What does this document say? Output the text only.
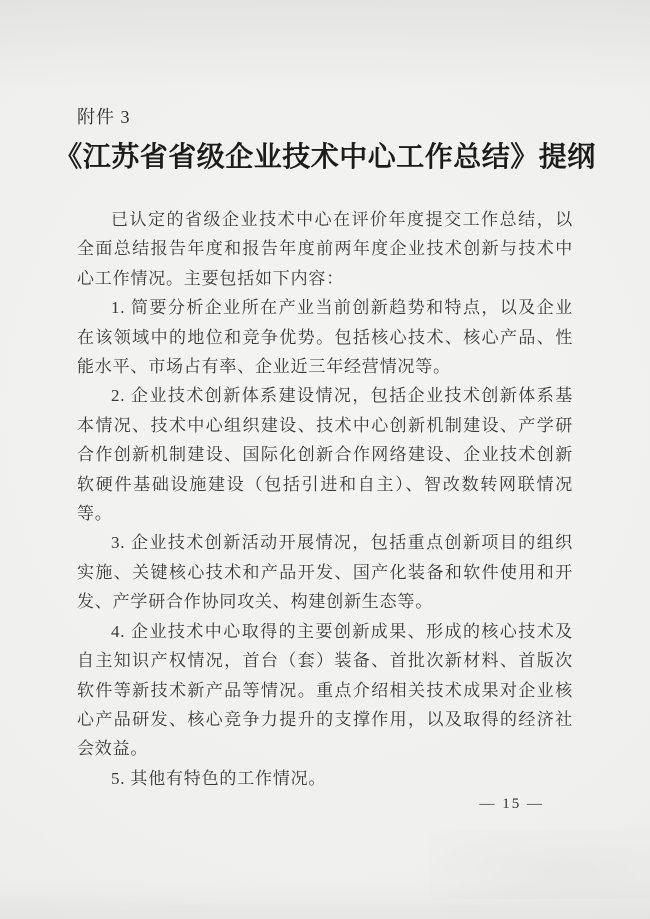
附件 3
《江苏省省级企业技术中心工作总结》提纲

已认定的省级企业技术中心在评价年度提交工作总结，以全面总结报告年度和报告年度前两年度企业技术创新与技术中心工作情况。主要包括如下内容：

1. 简要分析企业所在产业当前创新趋势和特点，以及企业在该领域中的地位和竞争优势。包括核心技术、核心产品、性能水平、市场占有率、企业近三年经营情况等。

2. 企业技术创新体系建设情况，包括企业技术创新体系基本情况、技术中心组织建设、技术中心创新机制建设、产学研合作创新机制建设、国际化创新合作网络建设、企业技术创新软硬件基础设施建设（包括引进和自主）、智改数转网联情况等。

3. 企业技术创新活动开展情况，包括重点创新项目的组织实施、关键核心技术和产品开发、国产化装备和软件使用和开发、产学研合作协同攻关、构建创新生态等。

4. 企业技术中心取得的主要创新成果、形成的核心技术及自主知识产权情况，首台（套）装备、首批次新材料、首版次软件等新技术新产品等情况。重点介绍相关技术成果对企业核心产品研发、核心竞争力提升的支撑作用，以及取得的经济社会效益。

5. 其他有特色的工作情况。

— 15 —
